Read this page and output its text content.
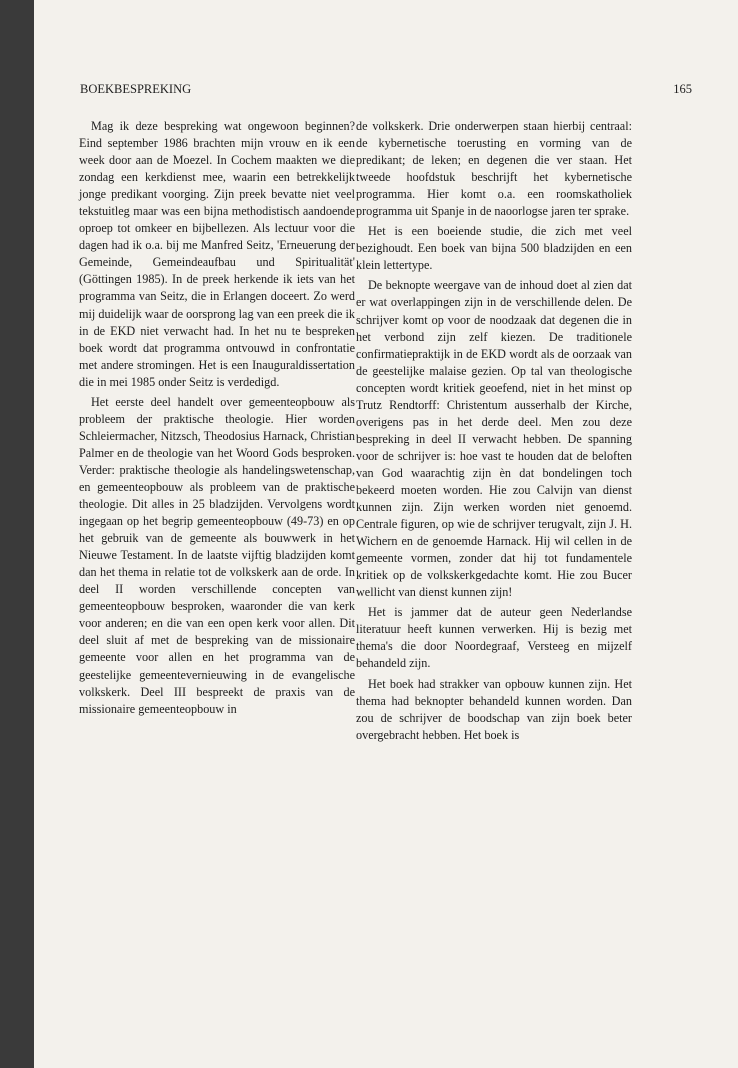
BOEKBESPREKING	165

Mag ik deze bespreking wat ongewoon beginnen? Eind september 1986 brachten mijn vrouw en ik een week door aan de Moezel. In Cochem maakten we die zondag een kerkdienst mee, waarin een betrekkelijk jonge predikant voorging. Zijn preek bevatte niet veel tekstuitleg maar was een bijna methodistisch aandoende oproep tot omkeer en bijbellezen. Als lectuur voor die dagen had ik o.a. bij me Manfred Seitz, 'Erneuerung der Gemeinde, Gemeindeaufbau und Spiritualität' (Göttingen 1985). In de preek herkende ik iets van het programma van Seitz, die in Erlangen doceert. Zo werd mij duidelijk waar de oorsprong lag van een preek die ik in de EKD niet verwacht had. In het nu te bespreken boek wordt dat programma ontvouwd in confrontatie met andere stromingen. Het is een Inauguraldissertation die in mei 1985 onder Seitz is verdedigd.

Het eerste deel handelt over gemeenteopbouw als probleem der praktische theologie. Hier worden Schleiermacher, Nitzsch, Theodosius Harnack, Christian Palmer en de theologie van het Woord Gods besproken. Verder: praktische theologie als handelingswetenschap, en gemeenteopbouw als probleem van de praktische theologie. Dit alles in 25 bladzijden. Vervolgens wordt ingegaan op het begrip gemeenteopbouw (49-73) en op het gebruik van de gemeente als bouwwerk in het Nieuwe Testament. In de laatste vijftig bladzijden komt dan het thema in relatie tot de volkskerk aan de orde. In deel II worden verschillende concepten van gemeenteopbouw besproken, waaronder die van kerk voor anderen; en die van een open kerk voor allen. Dit deel sluit af met de bespreking van de missionaire gemeente voor allen en het programma van de geestelijke gemeentevernieuwing in de evangelische volkskerk. Deel III bespreekt de praxis van de missionaire gemeenteopbouw in

de volkskerk. Drie onderwerpen staan hierbij centraal: de kybernetische toerusting en vorming van de predikant; de leken; en degenen die ver staan. Het tweede hoofdstuk beschrijft het kybernetische programma. Hier komt o.a. een roomskatholiek programma uit Spanje in de naoorlogse jaren ter sprake.

Het is een boeiende studie, die zich met veel bezighoudt. Een boek van bijna 500 bladzijden en een klein lettertype.

De beknopte weergave van de inhoud doet al zien dat er wat overlappingen zijn in de verschillende delen. De schrijver komt op voor de noodzaak dat degenen die in het verbond zijn zelf kiezen. De traditionele confirmatiepraktijk in de EKD wordt als de oorzaak van de geestelijke malaise gezien. Op tal van theologische concepten wordt kritiek geoefend, niet in het minst op Trutz Rendtorff: Christentum ausserhalb der Kirche, overigens pas in het derde deel. Men zou deze bespreking in deel II verwacht hebben. De spanning voor de schrijver is: hoe vast te houden dat de beloften van God waarachtig zijn èn dat bondelingen toch bekeerd moeten worden. Hie zou Calvijn van dienst kunnen zijn. Zijn werken worden niet genoemd. Centrale figuren, op wie de schrijver terugvalt, zijn J. H. Wichern en de genoemde Harnack. Hij wil cellen in de gemeente vormen, zonder dat hij tot fundamentele kritiek op de volkskerkgedachte komt. Hie zou Bucer wellicht van dienst kunnen zijn!

Het is jammer dat de auteur geen Nederlandse literatuur heeft kunnen verwerken. Hij is bezig met thema's die door Noordegraaf, Versteeg en mijzelf behandeld zijn.

Het boek had strakker van opbouw kunnen zijn. Het thema had beknopter behandeld kunnen worden. Dan zou de schrijver de boodschap van zijn boek beter overgebracht hebben. Het boek is
